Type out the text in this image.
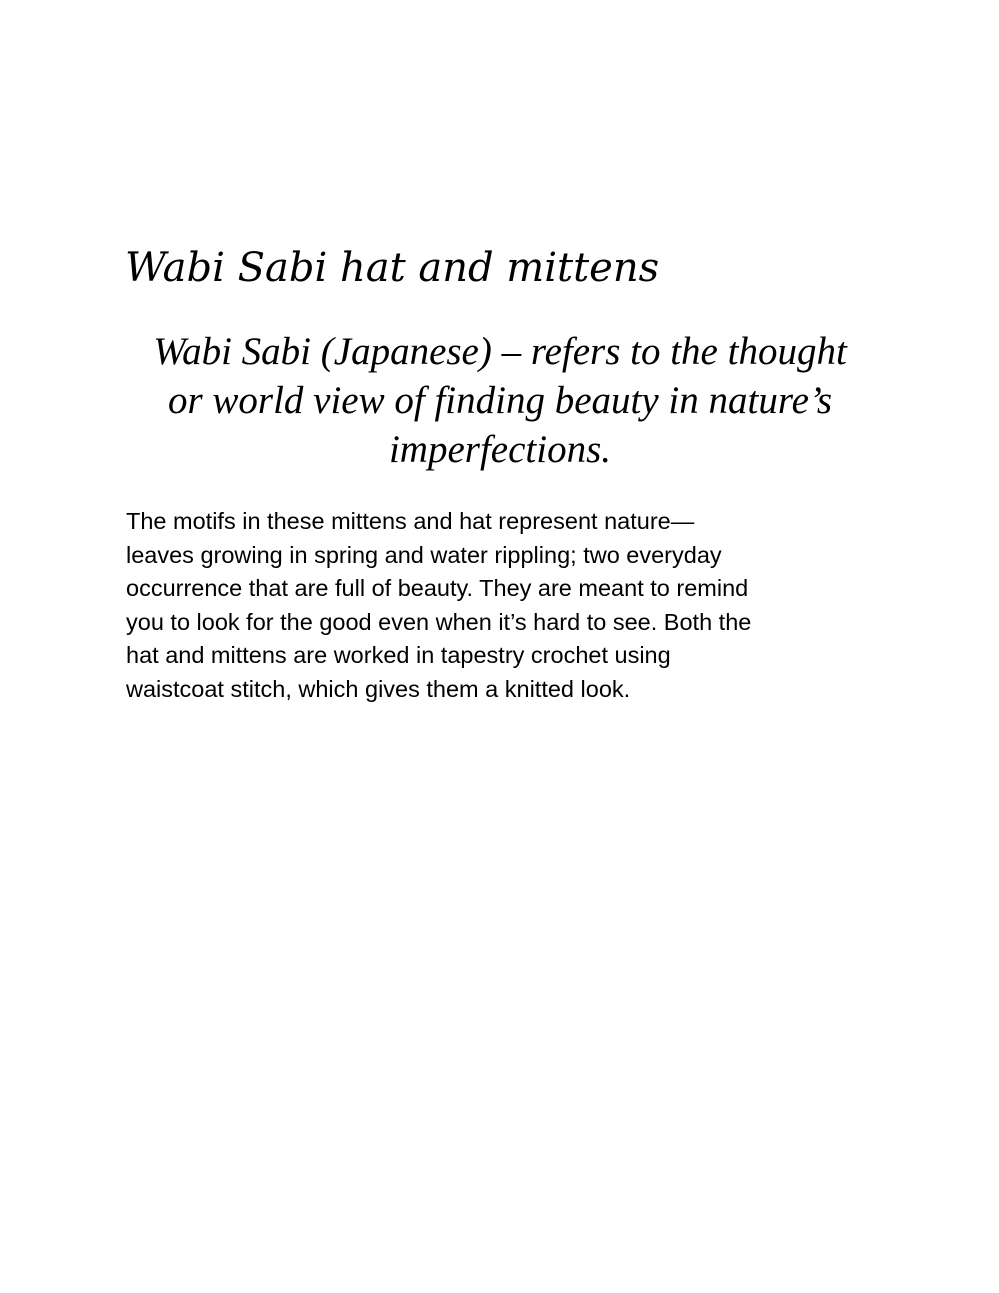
Wabi Sabi hat and mittens

Wabi Sabi (Japanese) – refers to the thought
or world view of finding beauty in nature’s
imperfections.

The motifs in these mittens and hat represent nature—
leaves growing in spring and water rippling; two everyday
occurrence that are full of beauty. They are meant to remind
you to look for the good even when it’s hard to see. Both the
hat and mittens are worked in tapestry crochet using
waistcoat stitch, which gives them a knitted look.
